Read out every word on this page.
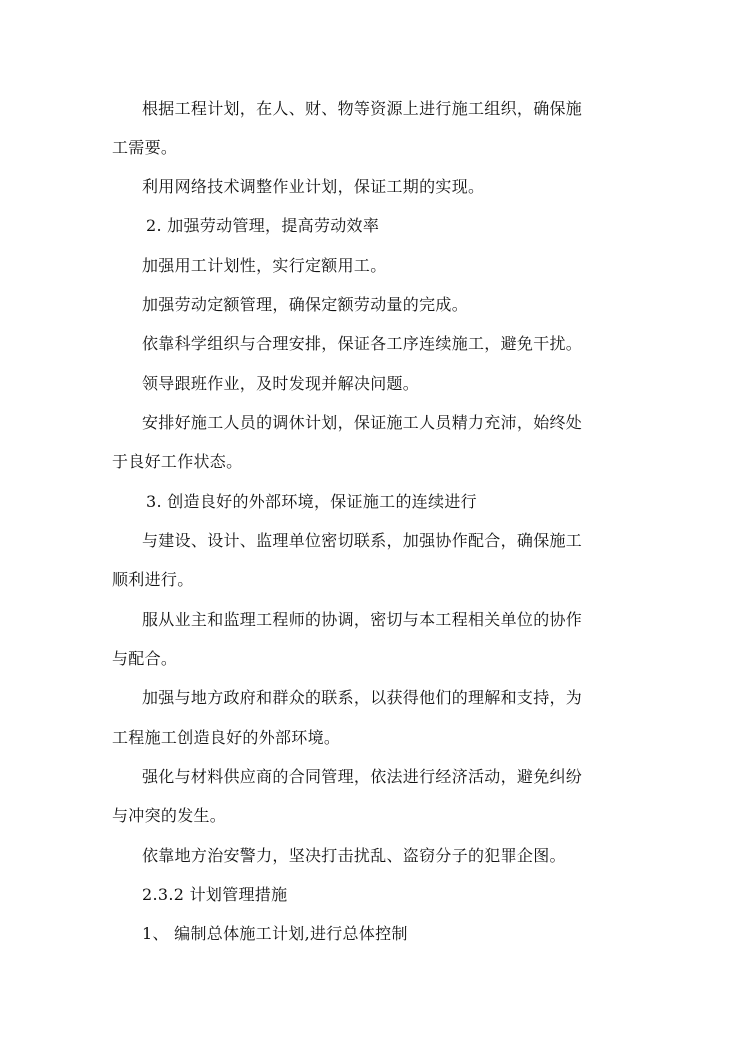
根据工程计划，在人、财、物等资源上进行施工组织，确保施
工需要。
利用网络技术调整作业计划，保证工期的实现。
2. 加强劳动管理，提高劳动效率
加强用工计划性，实行定额用工。
加强劳动定额管理，确保定额劳动量的完成。
依靠科学组织与合理安排，保证各工序连续施工，避免干扰。
领导跟班作业，及时发现并解决问题。
安排好施工人员的调休计划，保证施工人员精力充沛，始终处
于良好工作状态。
3. 创造良好的外部环境，保证施工的连续进行
与建设、设计、监理单位密切联系，加强协作配合，确保施工
顺利进行。
服从业主和监理工程师的协调，密切与本工程相关单位的协作
与配合。
加强与地方政府和群众的联系，以获得他们的理解和支持，为
工程施工创造良好的外部环境。
强化与材料供应商的合同管理，依法进行经济活动，避免纠纷
与冲突的发生。
依靠地方治安警力，坚决打击扰乱、盗窃分子的犯罪企图。
2.3.2 计划管理措施
1、 编制总体施工计划,进行总体控制
